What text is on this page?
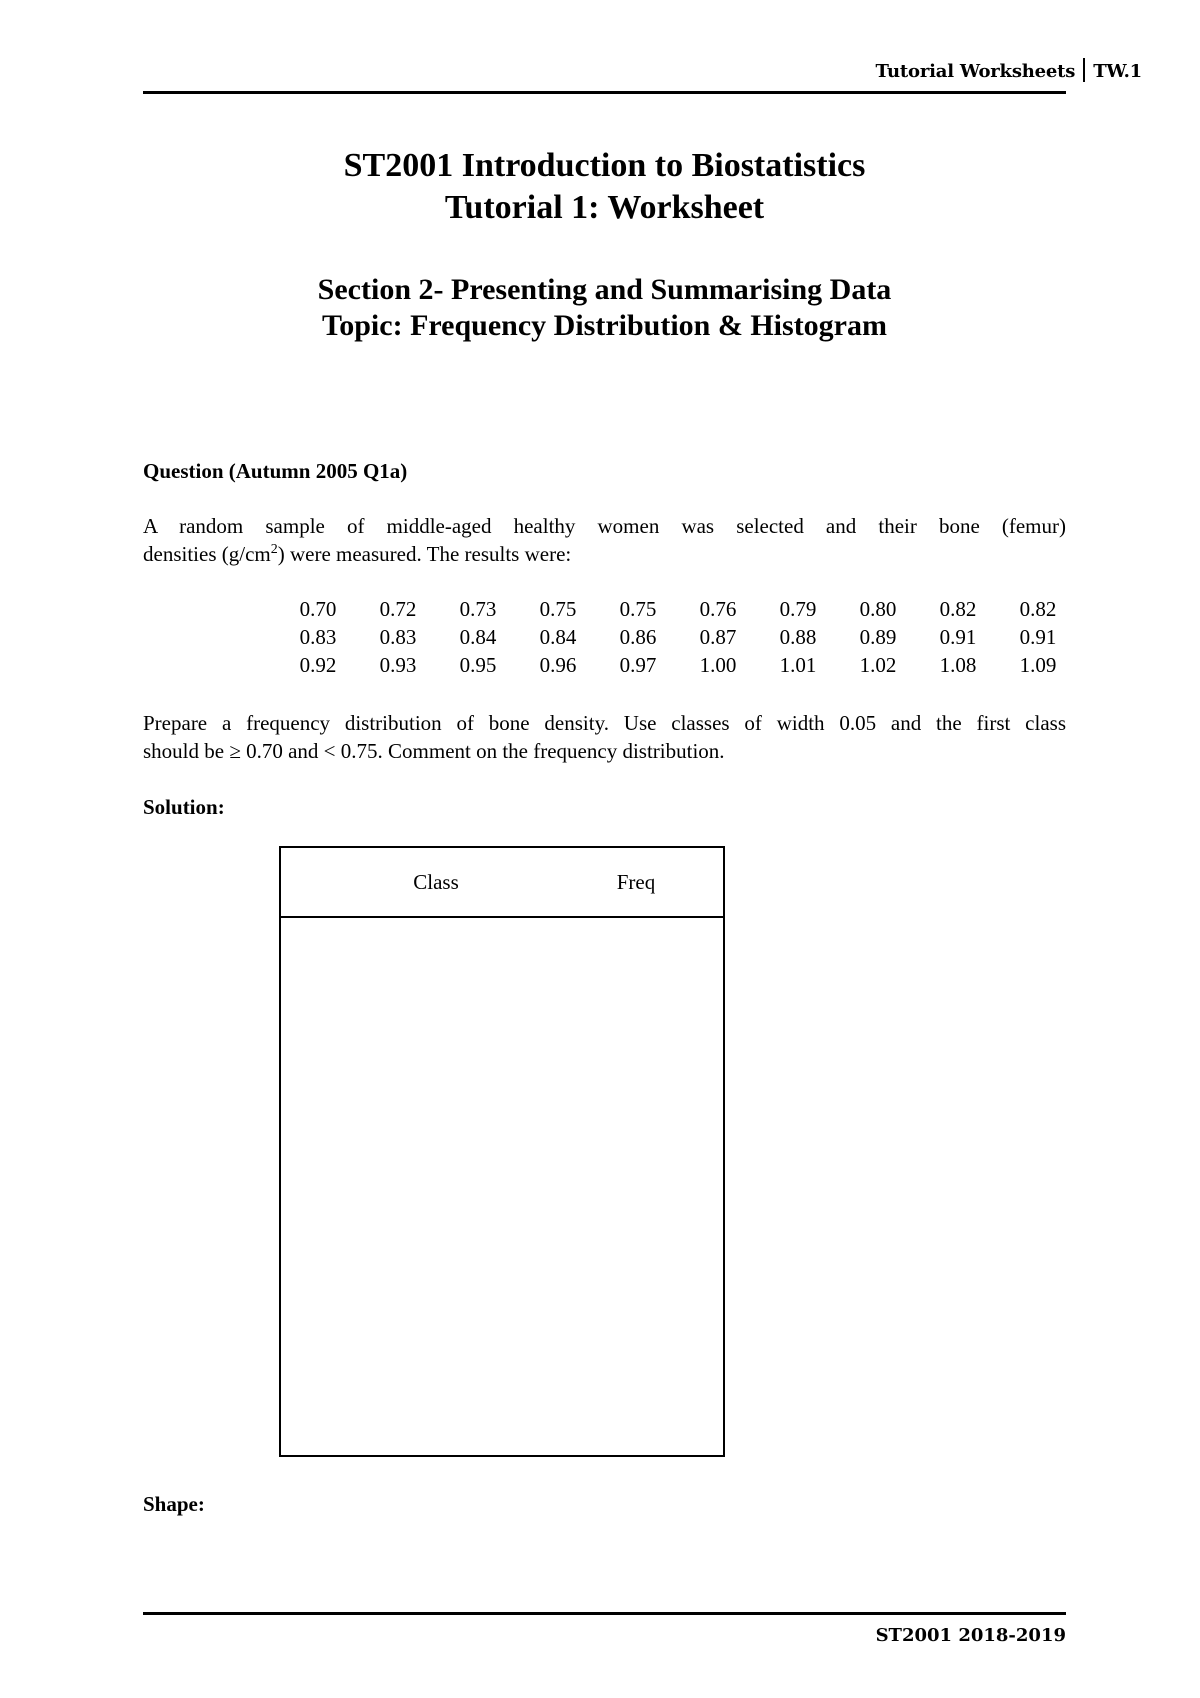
Tutorial Worksheets TW.1
ST2001 Introduction to Biostatistics
Tutorial 1: Worksheet
Section 2- Presenting and Summarising Data
Topic: Frequency Distribution & Histogram
Question (Autumn 2005 Q1a)
A random sample of middle-aged healthy women was selected and their bone (femur)
densities $(g/cm^2)$ were measured. The results were:
0.70	0.72	0.73	0.75	0.75	0.76	0.79	0.80	0.82	0.82
0.83	0.83	0.84	0.84	0.86	0.87	0.88	0.89	0.91	0.91
0.92	0.93	0.95	0.96	0.97	1.00	1.01	1.02	1.08	1.09
Prepare a frequency distribution of bone density. Use classes of width 0.05 and the first class
should be ≥ 0.70 and < 0.75. Comment on the frequency distribution.
Solution:
Class	Freq
Shape:
ST2001 2018-2019
